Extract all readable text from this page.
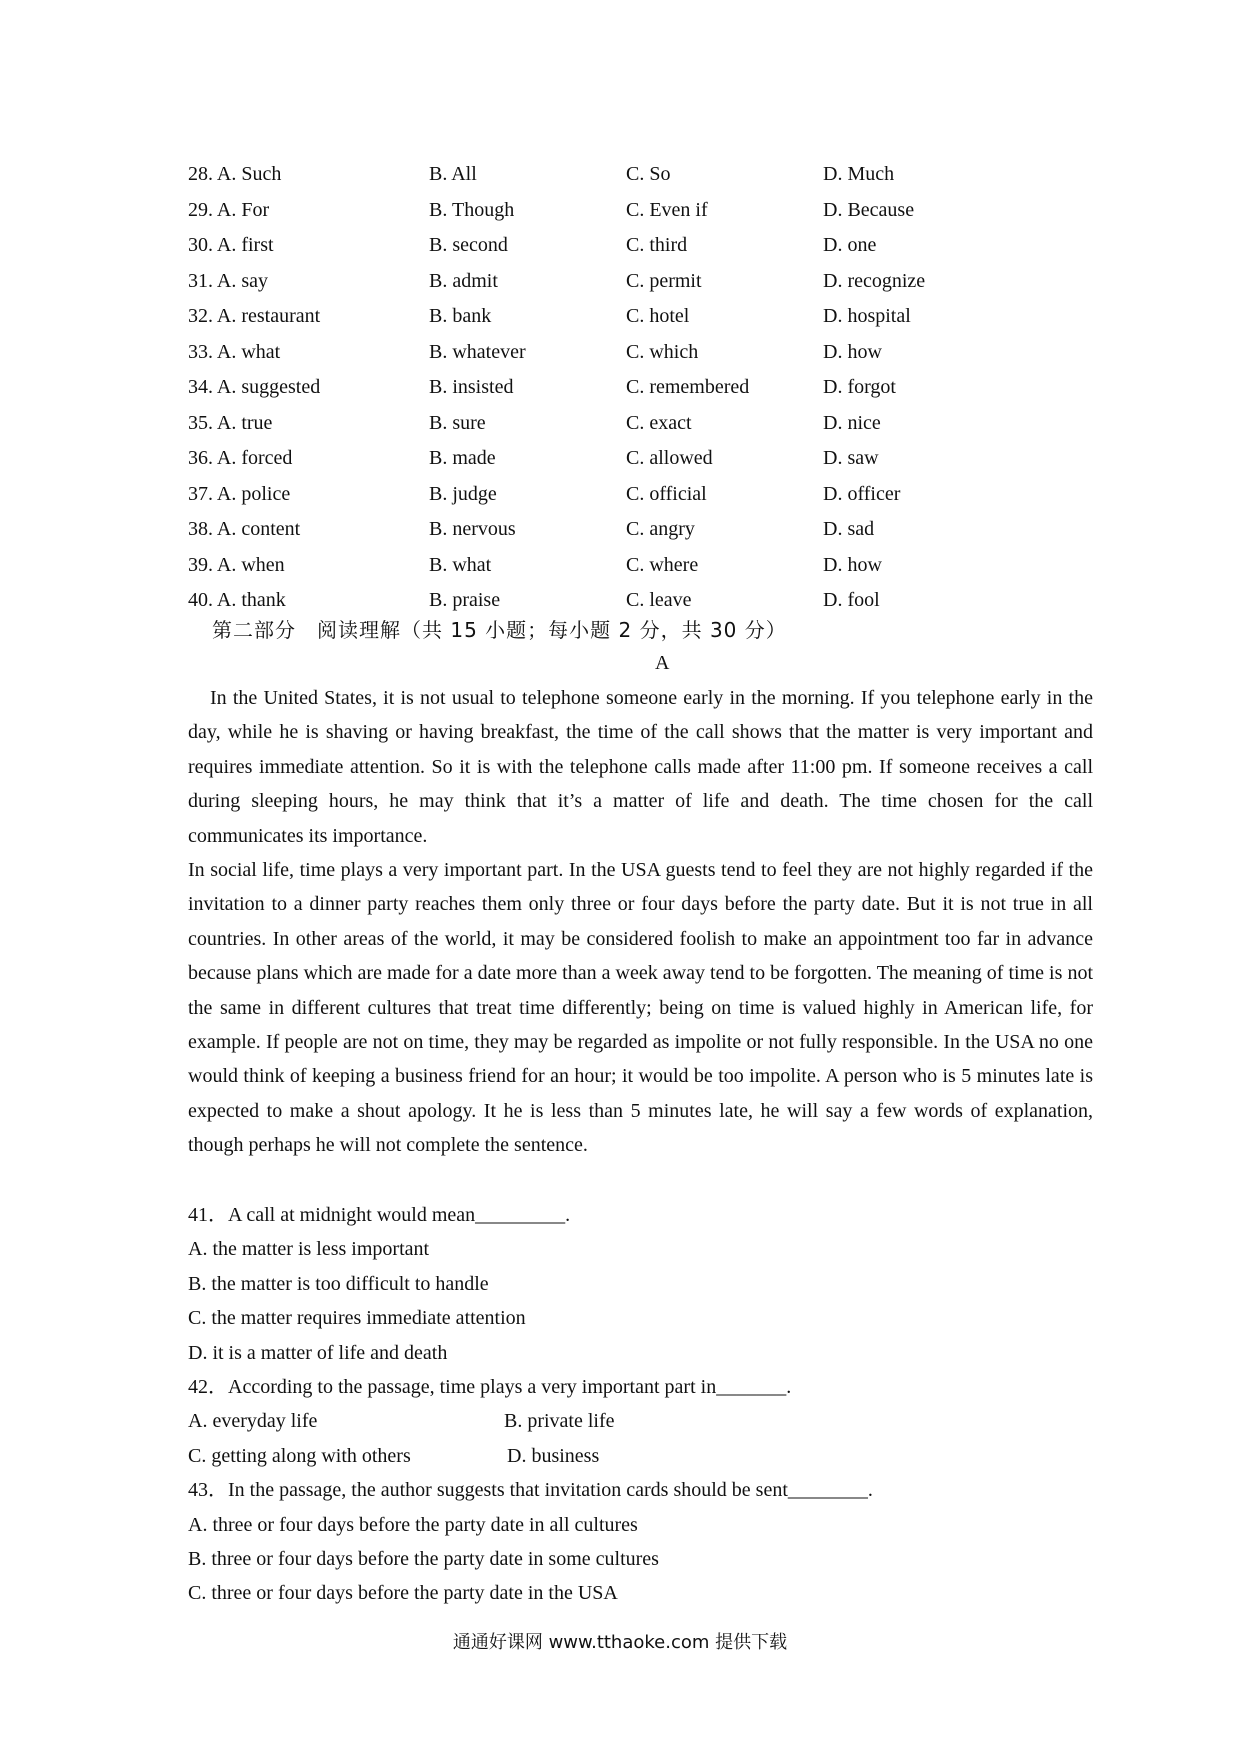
28. A. Such	B. All	C. So	D. Much
29. A. For	B. Though	C. Even if	D. Because
30. A. first	B. second	C. third	D. one
31. A. say	B. admit	C. permit	D. recognize
32. A. restaurant	B. bank	C. hotel	D. hospital
33. A. what	B. whatever	C. which	D. how
34. A. suggested	B. insisted	C. remembered	D. forgot
35. A. true	B. sure	C. exact	D. nice
36. A. forced	B. made	C. allowed	D. saw
37. A. police	B. judge	C. official	D. officer
38. A. content	B. nervous	C. angry	D. sad
39. A. when	B. what	C. where	D. how
40. A. thank	B. praise	C. leave	D. fool
第二部分　阅读理解（共 15 小题；每小题 2 分，共 30 分）
A

In the United States, it is not usual to telephone someone early in the morning. If you telephone early in the day, while he is shaving or having breakfast, the time of the call shows that the matter is very important and requires immediate attention. So it is with the telephone calls made after 11:00 pm. If someone receives a call during sleeping hours, he may think that it’s a matter of life and death. The time chosen for the call communicates its importance.

In social life, time plays a very important part. In the USA guests tend to feel they are not highly regarded if the invitation to a dinner party reaches them only three or four days before the party date. But it is not true in all countries. In other areas of the world, it may be considered foolish to make an appointment too far in advance because plans which are made for a date more than a week away tend to be forgotten. The meaning of time is not the same in different cultures that treat time differently; being on time is valued highly in American life, for example. If people are not on time, they may be regarded as impolite or not fully responsible. In the USA no one would think of keeping a business friend for an hour; it would be too impolite. A person who is 5 minutes late is expected to make a shout apology. It he is less than 5 minutes late, he will say a few words of explanation, though perhaps he will not complete the sentence.

41．A call at midnight would mean_________.
A. the matter is less important
B. the matter is too difficult to handle
C. the matter requires immediate attention
D. it is a matter of life and death
42．According to the passage, time plays a very important part in_______.
A. everyday life	B. private life
C. getting along with others	D. business
43．In the passage, the author suggests that invitation cards should be sent________.
A. three or four days before the party date in all cultures
B. three or four days before the party date in some cultures
C. three or four days before the party date in the USA
通通好课网 www.tthaoke.com 提供下载
